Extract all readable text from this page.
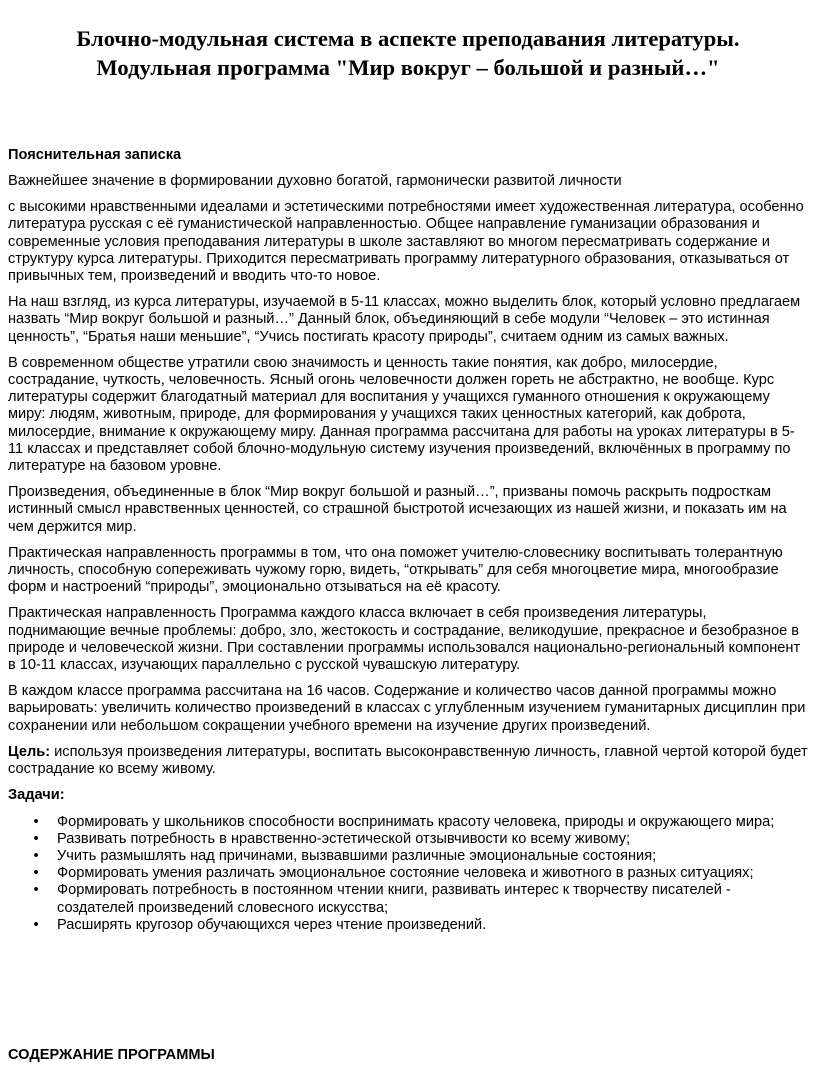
Блочно-модульная система в аспекте преподавания литературы.
Модульная программа "Мир вокруг – большой и разный…"
Пояснительная записка

Важнейшее значение в формировании духовно богатой, гармонически развитой личности

с высокими нравственными идеалами и эстетическими потребностями имеет художественная литература, особенно литература русская с её гуманистической направленностью. Общее направление гуманизации образования и современные условия преподавания литературы в школе заставляют во многом пересматривать содержание и структуру курса литературы. Приходится пересматривать программу литературного образования, отказываться от привычных тем, произведений и вводить что-то новое.

На наш взгляд, из курса литературы, изучаемой в 5-11 классах, можно выделить блок, который условно предлагаем назвать “Мир вокруг большой и разный…” Данный блок, объединяющий в себе модули “Человек – это истинная ценность”, “Братья наши меньшие”, “Учись постигать красоту природы”, считаем одним из самых важных.

В современном обществе утратили свою значимость и ценность такие понятия, как добро, милосердие, сострадание, чуткость, человечность. Ясный огонь человечности должен гореть не абстрактно, не вообще. Курс литературы содержит благодатный материал для воспитания у учащихся гуманного отношения к окружающему миру: людям, животным, природе, для формирования у учащихся таких ценностных категорий, как доброта, милосердие, внимание к окружающему миру. Данная программа рассчитана для работы на уроках литературы в 5-11 классах и представляет собой блочно-модульную систему изучения произведений, включённых в программу по литературе на базовом уровне.

Произведения, объединенные в блок “Мир вокруг большой и разный…”, призваны помочь раскрыть подросткам истинный смысл нравственных ценностей, со страшной быстротой исчезающих из нашей жизни, и показать им на чем держится мир.

Практическая направленность программы в том, что она поможет учителю-словеснику воспитывать толерантную личность, способную сопереживать чужому горю, видеть, “открывать” для себя многоцветие мира, многообразие форм и настроений “природы”, эмоционально отзываться на её красоту.

Практическая направленность Программа каждого класса включает в себя произведения литературы, поднимающие вечные проблемы: добро, зло, жестокость и сострадание, великодушие, прекрасное и безобразное в природе и человеческой жизни. При составлении программы использовался национально-региональный компонент в 10-11 классах, изучающих параллельно с русской чувашскую литературу.

В каждом классе программа рассчитана на 16 часов. Содержание и количество часов данной программы можно варьировать: увеличить количество произведений в классах с углубленным изучением гуманитарных дисциплин при сохранении или небольшом сокращении учебного времени на изучение других произведений.

Цель: используя произведения литературы, воспитать высоконравственную личность, главной чертой которой будет сострадание ко всему живому.

Задачи:

• Формировать у школьников способности воспринимать красоту человека, природы и окружающего мира;
• Развивать потребность в нравственно-эстетической отзывчивости ко всему живому;
• Учить размышлять над причинами, вызвавшими различные эмоциональные состояния;
• Формировать умения различать эмоциональное состояние человека и животного в разных ситуациях;
• Формировать потребность в постоянном чтении книги, развивать интерес к творчеству писателей - создателей произведений словесного искусства;
• Расширять кругозор обучающихся через чтение произведений.
СОДЕРЖАНИЕ ПРОГРАММЫ
